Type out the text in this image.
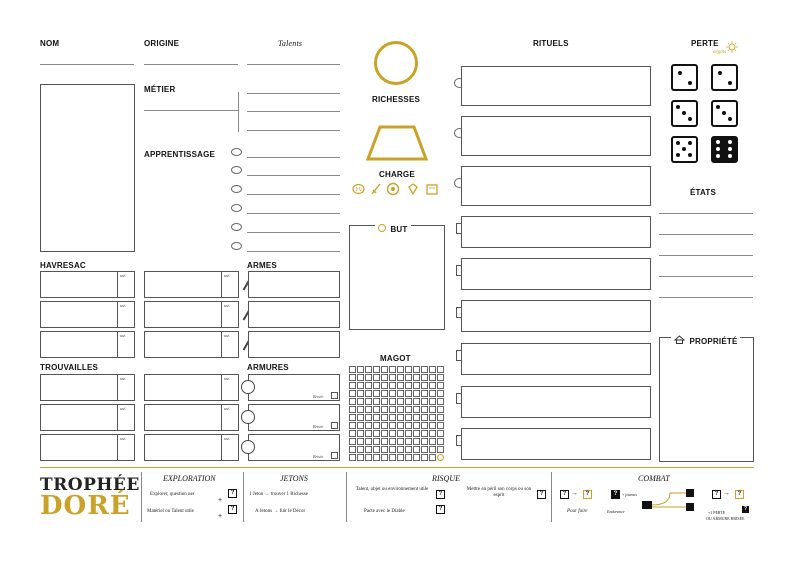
NOM	ORIGINE	Talents
MÉTIER
APPRENTISSAGE
RICHESSES
CHARGE
BUT
MAGOT
RITUELS	PERTE
dégâts
ÉTATS
PROPRIÉTÉ
HAVRESAC
TROUVAILLES
ARMES
ARMURES
TROPHÉE
DORÉ
EXPLORATION
Explorer, question ner
+
?
Matériel ou Talent utile
+
?
JETONS
1 Jeton → trouver 1 Richesse
A Jetons → fuir le Décor
RISQUE
Talent, objet ou environnement utile
?
Pacte avec le Diable	?
Mettre en péril son corps ou son esprit	?
COMBAT
? →	?
Pour faire
?	+ joueurs
Endurance	+1 PERTE
? →	?
?
OU ARMURE BRISÉE
usé.
usé.
usé.
usé.
usé.
usé.
usé.
usé.
usé.
usé.
usé.
usé.
Brisée
Brisée
Brisée
